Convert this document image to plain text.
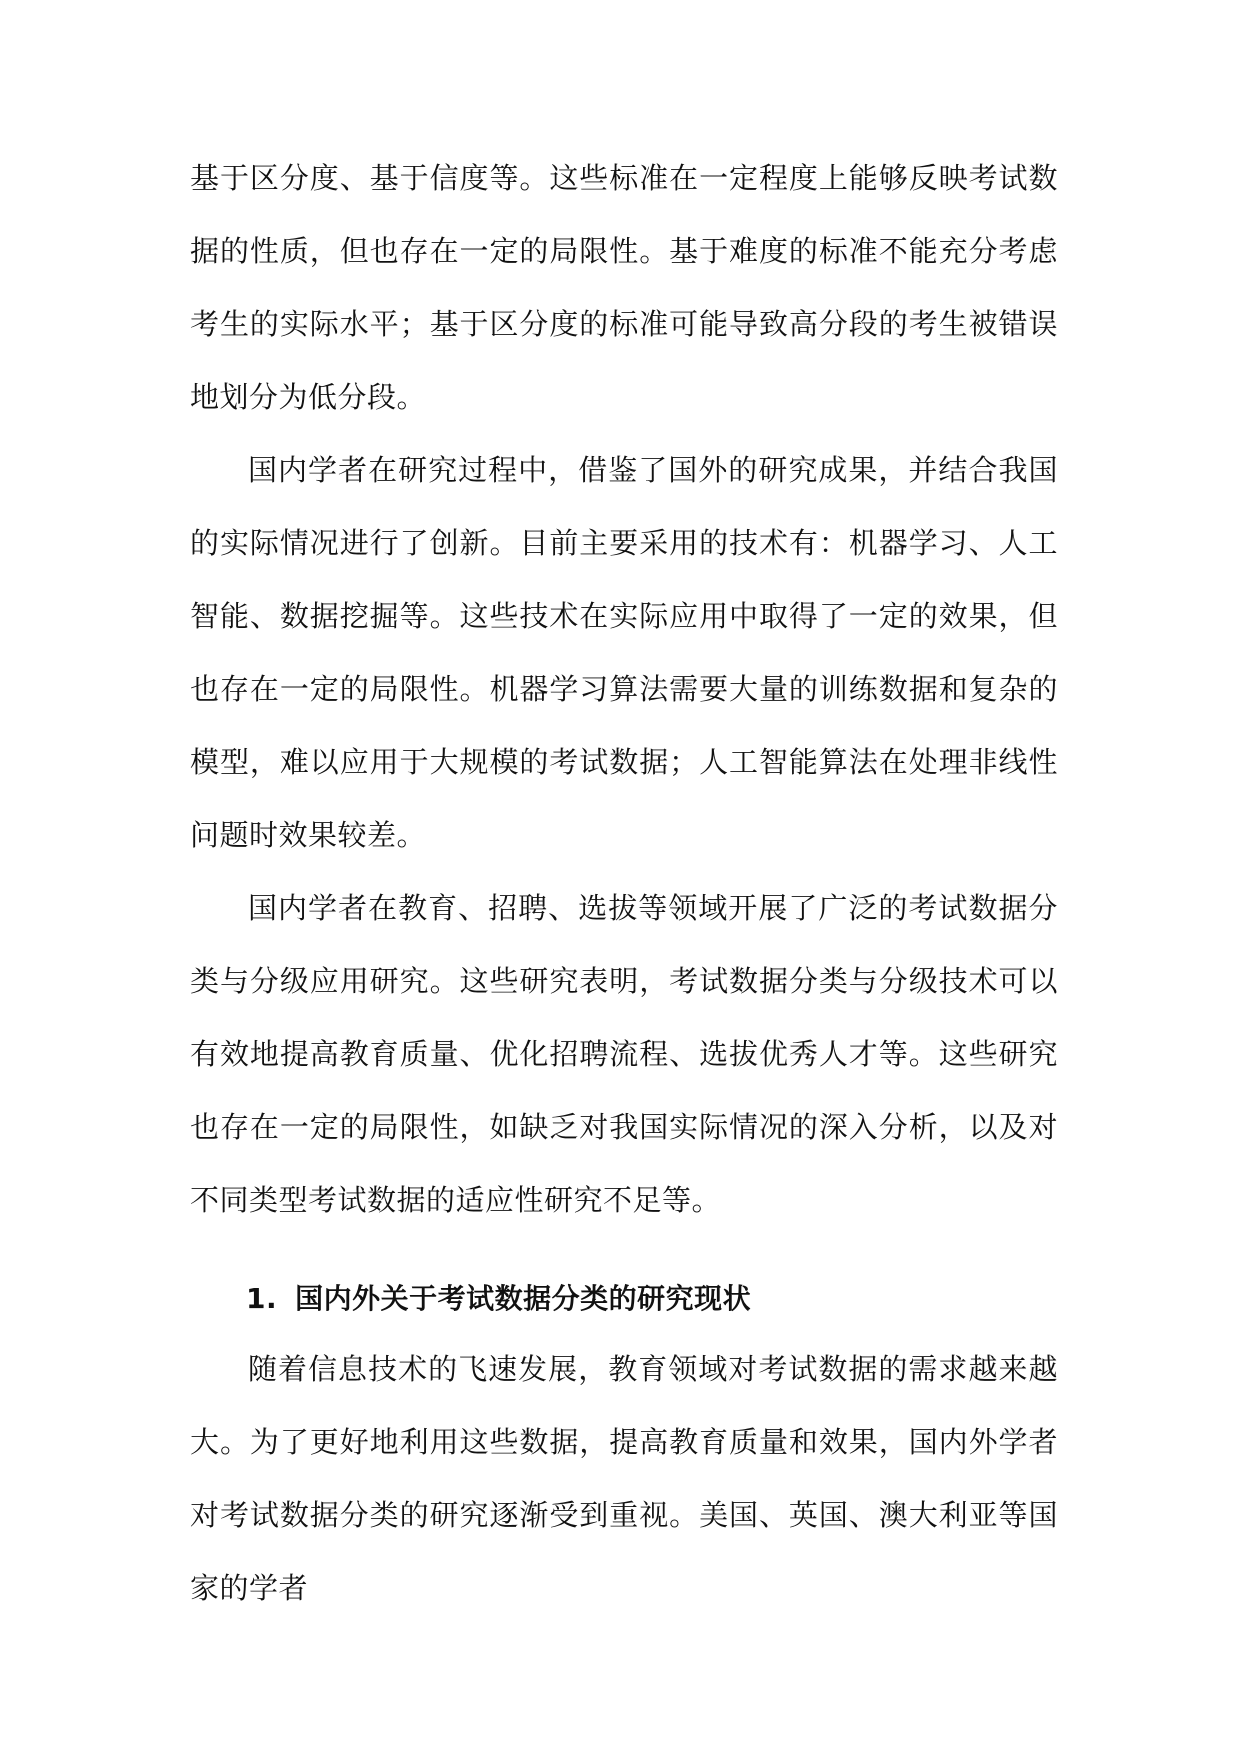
基于区分度、基于信度等。这些标准在一定程度上能够反映考试数据的性质，但也存在一定的局限性。基于难度的标准不能充分考虑考生的实际水平；基于区分度的标准可能导致高分段的考生被错误地划分为低分段。

国内学者在研究过程中，借鉴了国外的研究成果，并结合我国的实际情况进行了创新。目前主要采用的技术有：机器学习、人工智能、数据挖掘等。这些技术在实际应用中取得了一定的效果，但也存在一定的局限性。机器学习算法需要大量的训练数据和复杂的模型，难以应用于大规模的考试数据；人工智能算法在处理非线性问题时效果较差。

国内学者在教育、招聘、选拔等领域开展了广泛的考试数据分类与分级应用研究。这些研究表明，考试数据分类与分级技术可以有效地提高教育质量、优化招聘流程、选拔优秀人才等。这些研究也存在一定的局限性，如缺乏对我国实际情况的深入分析，以及对不同类型考试数据的适应性研究不足等。

1. 国内外关于考试数据分类的研究现状

随着信息技术的飞速发展，教育领域对考试数据的需求越来越大。为了更好地利用这些数据，提高教育质量和效果，国内外学者对考试数据分类的研究逐渐受到重视。美国、英国、澳大利亚等国家的学者
